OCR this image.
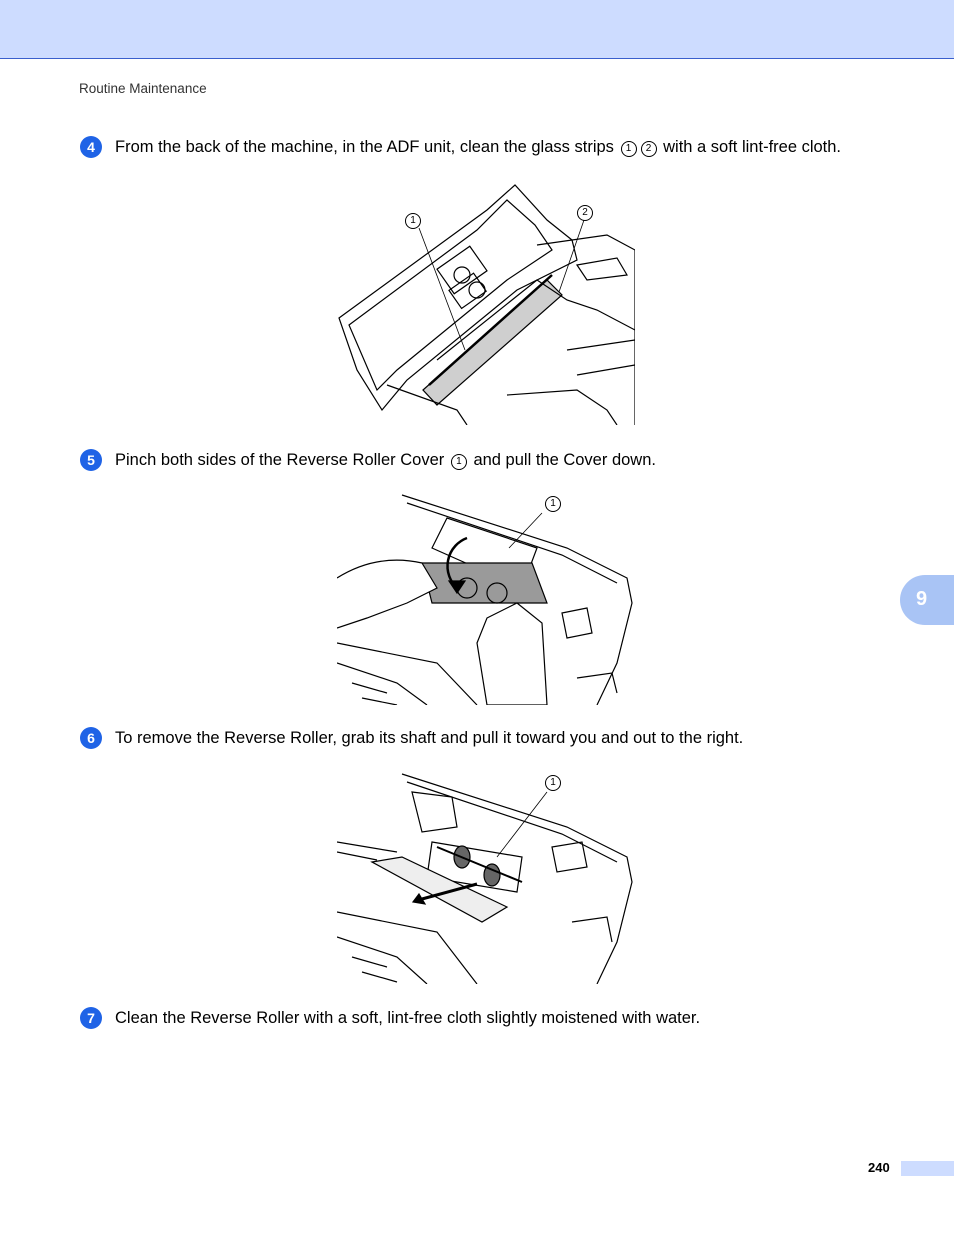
Routine Maintenance
9
4	From the back of the machine, in the ADF unit, clean the glass strips 1 2 with a soft lint-free cloth.
1
2
5	Pinch both sides of the Reverse Roller Cover 1 and pull the Cover down.
1
6	To remove the Reverse Roller, grab its shaft and pull it toward you and out to the right.
1
7	Clean the Reverse Roller with a soft, lint-free cloth slightly moistened with water.
240
